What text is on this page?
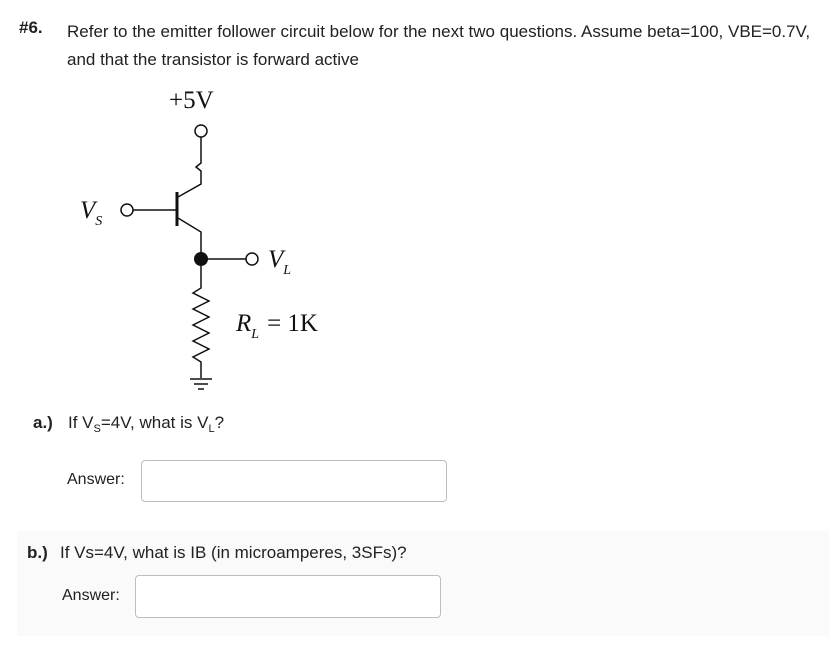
#6. Refer to the emitter follower circuit below for the next two questions. Assume beta=100, VBE=0.7V, and that the transistor is forward active
+5V
$V_S$
$V_L$
$R_L = 1K$
a.) If $V_S=4V$, what is $V_L$?
Answer:
b.) If Vs=4V, what is IB (in microamperes, 3SFs)?
Answer:
